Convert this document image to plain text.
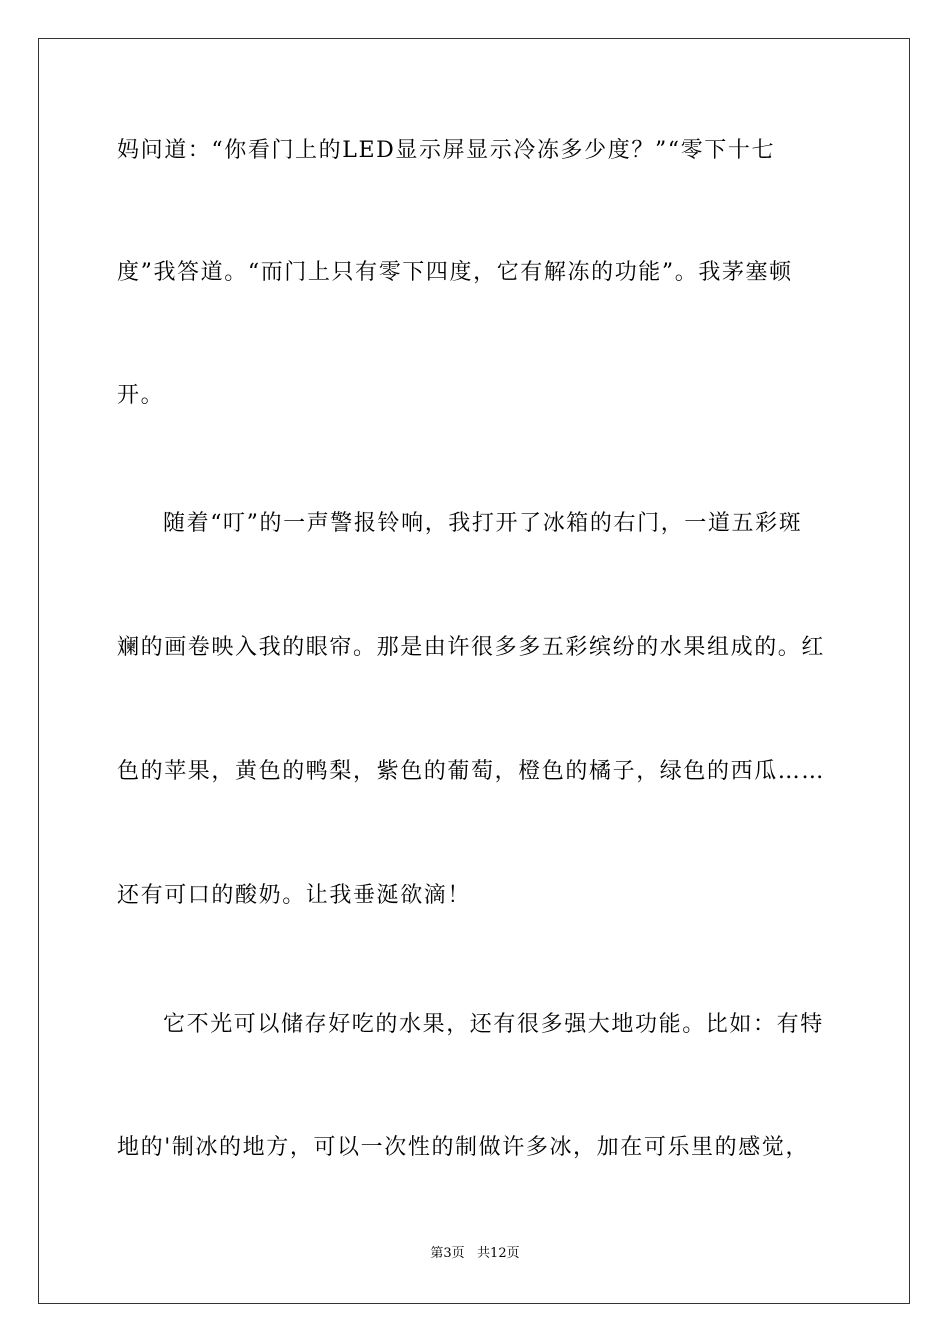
妈问道：“你看门上的LED显示屏显示冷冻多少度？”“零下十七
度”我答道。“而门上只有零下四度，它有解冻的功能”。我茅塞顿
开。
随着“叮”的一声警报铃响，我打开了冰箱的右门，一道五彩斑
斓的画卷映入我的眼帘。那是由许很多多五彩缤纷的水果组成的。红
色的苹果，黄色的鸭梨，紫色的葡萄，橙色的橘子，绿色的西瓜……
还有可口的酸奶。让我垂涎欲滴！
它不光可以储存好吃的水果，还有很多强大地功能。比如：有特
地的'制冰的地方，可以一次性的制做许多冰，加在可乐里的感觉，
第3页   共12页
